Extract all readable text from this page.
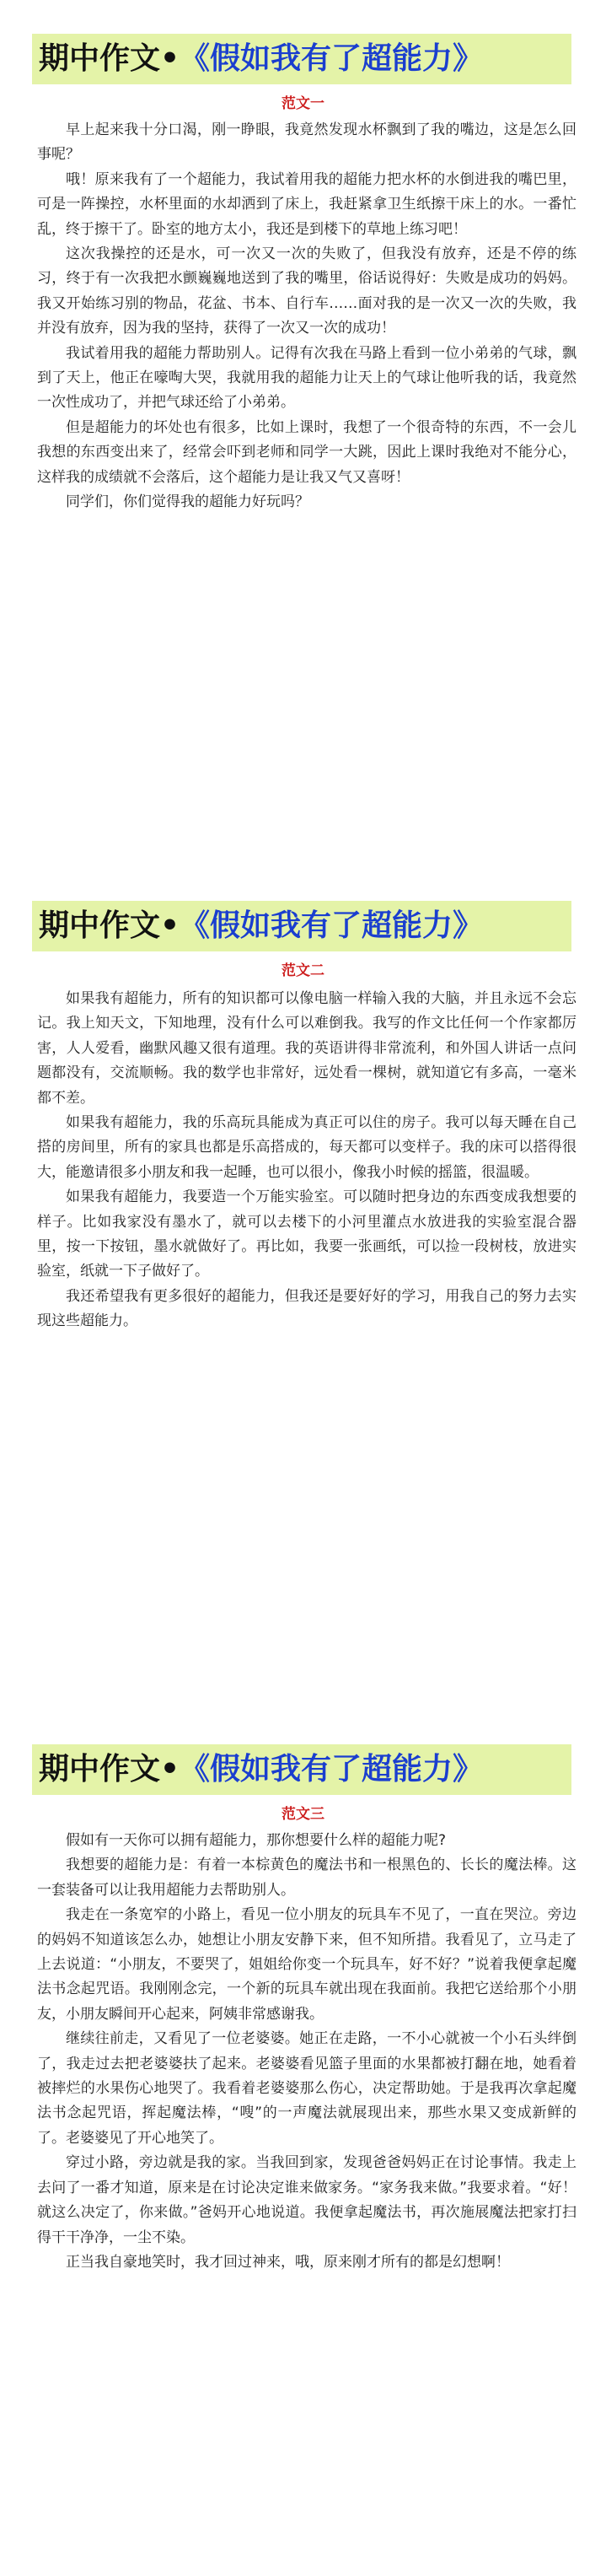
期中作文•《假如我有了超能力》
范文一

早上起来我十分口渴，刚一睁眼，我竟然发现水杯飘到了我的嘴边，这是怎么回事呢？

哦！原来我有了一个超能力，我试着用我的超能力把水杯的水倒进我的嘴巴里，可是一阵操控，水杯里面的水却洒到了床上，我赶紧拿卫生纸擦干床上的水。一番忙乱，终于擦干了。卧室的地方太小，我还是到楼下的草地上练习吧！

这次我操控的还是水，可一次又一次的失败了，但我没有放弃，还是不停的练习，终于有一次我把水颤巍巍地送到了我的嘴里，俗话说得好：失败是成功的妈妈。我又开始练习别的物品，花盆、书本、自行车……面对我的是一次又一次的失败，我并没有放弃，因为我的坚持，获得了一次又一次的成功！

我试着用我的超能力帮助别人。记得有次我在马路上看到一位小弟弟的气球，飘到了天上，他正在嚎啕大哭，我就用我的超能力让天上的气球让他听我的话，我竟然一次性成功了，并把气球还给了小弟弟。

但是超能力的坏处也有很多，比如上课时，我想了一个很奇特的东西，不一会儿我想的东西变出来了，经常会吓到老师和同学一大跳，因此上课时我绝对不能分心，这样我的成绩就不会落后，这个超能力是让我又气又喜呀！

同学们，你们觉得我的超能力好玩吗？

期中作文•《假如我有了超能力》
范文二

如果我有超能力，所有的知识都可以像电脑一样输入我的大脑，并且永远不会忘记。我上知天文，下知地理，没有什么可以难倒我。我写的作文比任何一个作家都厉害，人人爱看，幽默风趣又很有道理。我的英语讲得非常流利，和外国人讲话一点问题都没有，交流顺畅。我的数学也非常好，远处看一棵树，就知道它有多高，一毫米都不差。

如果我有超能力，我的乐高玩具能成为真正可以住的房子。我可以每天睡在自己搭的房间里，所有的家具也都是乐高搭成的，每天都可以变样子。我的床可以搭得很大，能邀请很多小朋友和我一起睡，也可以很小，像我小时候的摇篮，很温暖。

如果我有超能力，我要造一个万能实验室。可以随时把身边的东西变成我想要的样子。比如我家没有墨水了，就可以去楼下的小河里灌点水放进我的实验室混合器里，按一下按钮，墨水就做好了。再比如，我要一张画纸，可以捡一段树枝，放进实验室，纸就一下子做好了。

我还希望我有更多很好的超能力，但我还是要好好的学习，用我自己的努力去实现这些超能力。

期中作文•《假如我有了超能力》
范文三

假如有一天你可以拥有超能力，那你想要什么样的超能力呢?

我想要的超能力是：有着一本棕黄色的魔法书和一根黑色的、长长的魔法棒。这一套装备可以让我用超能力去帮助别人。

我走在一条宽窄的小路上，看见一位小朋友的玩具车不见了，一直在哭泣。旁边的妈妈不知道该怎么办，她想让小朋友安静下来，但不知所措。我看见了，立马走了上去说道：“小朋友，不要哭了，姐姐给你变一个玩具车，好不好？”说着我便拿起魔法书念起咒语。我刚刚念完，一个新的玩具车就出现在我面前。我把它送给那个小朋友，小朋友瞬间开心起来，阿姨非常感谢我。

继续往前走，又看见了一位老婆婆。她正在走路，一不小心就被一个小石头绊倒了，我走过去把老婆婆扶了起来。老婆婆看见篮子里面的水果都被打翻在地，她看着被摔烂的水果伤心地哭了。我看着老婆婆那么伤心，决定帮助她。于是我再次拿起魔法书念起咒语，挥起魔法棒，“嗖”的一声魔法就展现出来，那些水果又变成新鲜的了。老婆婆见了开心地笑了。

穿过小路，旁边就是我的家。当我回到家，发现爸爸妈妈正在讨论事情。我走上去问了一番才知道，原来是在讨论决定谁来做家务。“家务我来做。”我要求着。“好！就这么决定了，你来做。”爸妈开心地说道。我便拿起魔法书，再次施展魔法把家打扫得干干净净，一尘不染。

正当我自豪地笑时，我才回过神来，哦，原来刚才所有的都是幻想啊！
